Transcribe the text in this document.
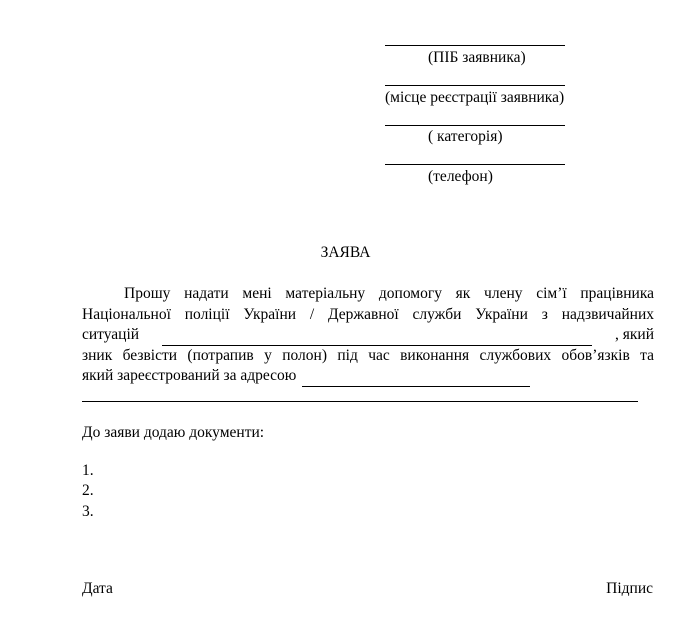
(ПІБ заявника)
(місце реєстрації заявника)
( категорія)
(телефон)
ЗАЯВА
Прошу надати мені матеріальну допомогу як члену сім’ї працівника
Національної поліції України / Державної служби України з надзвичайних
ситуацій	, який
зник безвісти (потрапив у полон) під час виконання службових обов’язків та
який зареєстрований за адресою
До заяви додаю документи:
1.
2.
3.
Дата	Підпис
